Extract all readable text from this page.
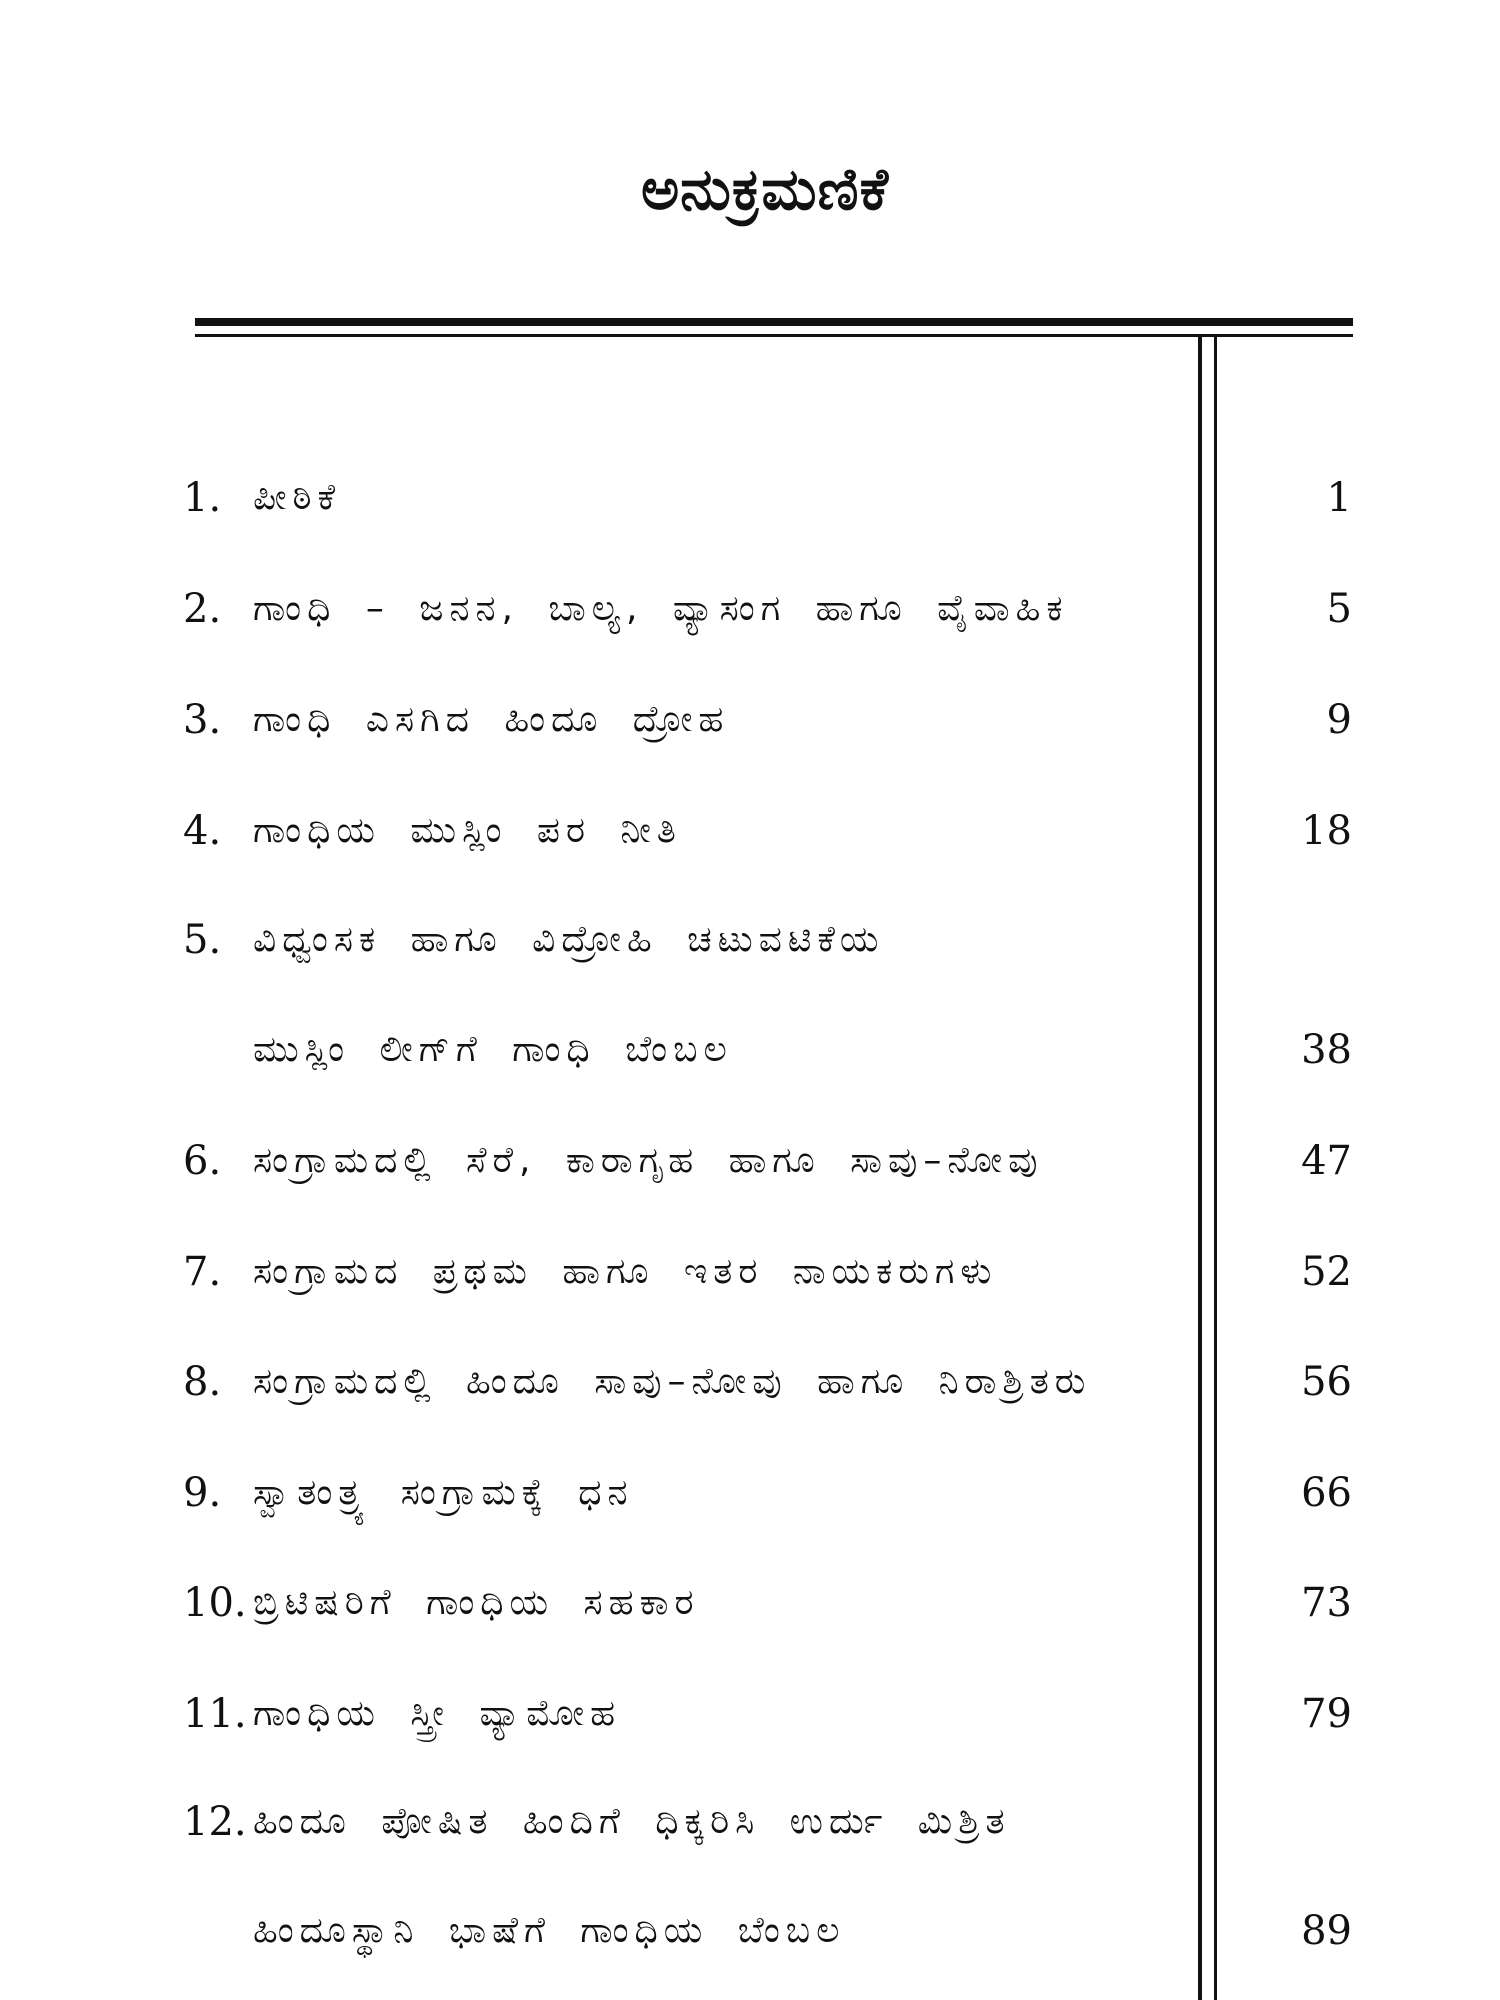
ಅನುಕ್ರಮಣಿಕೆ
1. ಪೀಠಿಕೆ	1
2. ಗಾಂಧಿ – ಜನನ, ಬಾಲ್ಯ, ವ್ಯಾಸಂಗ ಹಾಗೂ ವೈವಾಹಿಕ	5
3. ಗಾಂಧಿ ಎಸಗಿದ ಹಿಂದೂ ದ್ರೋಹ	9
4. ಗಾಂಧಿಯ ಮುಸ್ಲಿಂ ಪರ ನೀತಿ	18
5. ವಿಧ್ವಂಸಕ ಹಾಗೂ ವಿದ್ರೋಹಿ ಚಟುವಟಿಕೆಯ
ಮುಸ್ಲಿಂ ಲೀಗ್‌ಗೆ ಗಾಂಧಿ ಬೆಂಬಲ	38
6. ಸಂಗ್ರಾಮದಲ್ಲಿ ಸೆರೆ, ಕಾರಾಗೃಹ ಹಾಗೂ ಸಾವು–ನೋವು	47
7. ಸಂಗ್ರಾಮದ ಪ್ರಥಮ ಹಾಗೂ ಇತರ ನಾಯಕರುಗಳು	52
8. ಸಂಗ್ರಾಮದಲ್ಲಿ ಹಿಂದೂ ಸಾವು–ನೋವು ಹಾಗೂ ನಿರಾಶ್ರಿತರು	56
9. ಸ್ವಾತಂತ್ರ್ಯ ಸಂಗ್ರಾಮಕ್ಕೆ ಧನ	66
10. ಬ್ರಿಟಿಷರಿಗೆ ಗಾಂಧಿಯ ಸಹಕಾರ	73
11. ಗಾಂಧಿಯ ಸ್ತ್ರೀ ವ್ಯಾಮೋಹ	79
12. ಹಿಂದೂ ಪೋಷಿತ ಹಿಂದಿಗೆ ಧಿಕ್ಕರಿಸಿ ಉರ್ದು ಮಿಶ್ರಿತ
ಹಿಂದೂಸ್ಥಾನಿ ಭಾಷೆಗೆ ಗಾಂಧಿಯ ಬೆಂಬಲ	89
